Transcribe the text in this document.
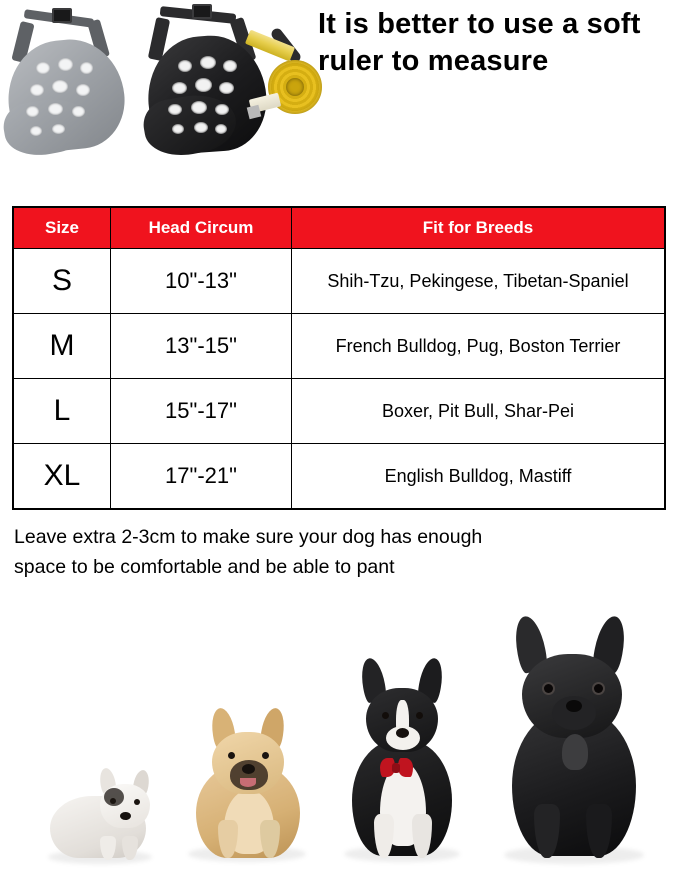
It is better to use a soft ruler to measure
Size	Head Circum	Fit for Breeds
S	10"-13"	Shih-Tzu, Pekingese, Tibetan-Spaniel
M	13"-15"	French Bulldog, Pug, Boston Terrier
L	15"-17"	Boxer, Pit Bull, Shar-Pei
XL	17"-21"	English Bulldog, Mastiff
Leave extra 2-3cm to make sure your dog has enough
space to be comfortable and be able to pant
